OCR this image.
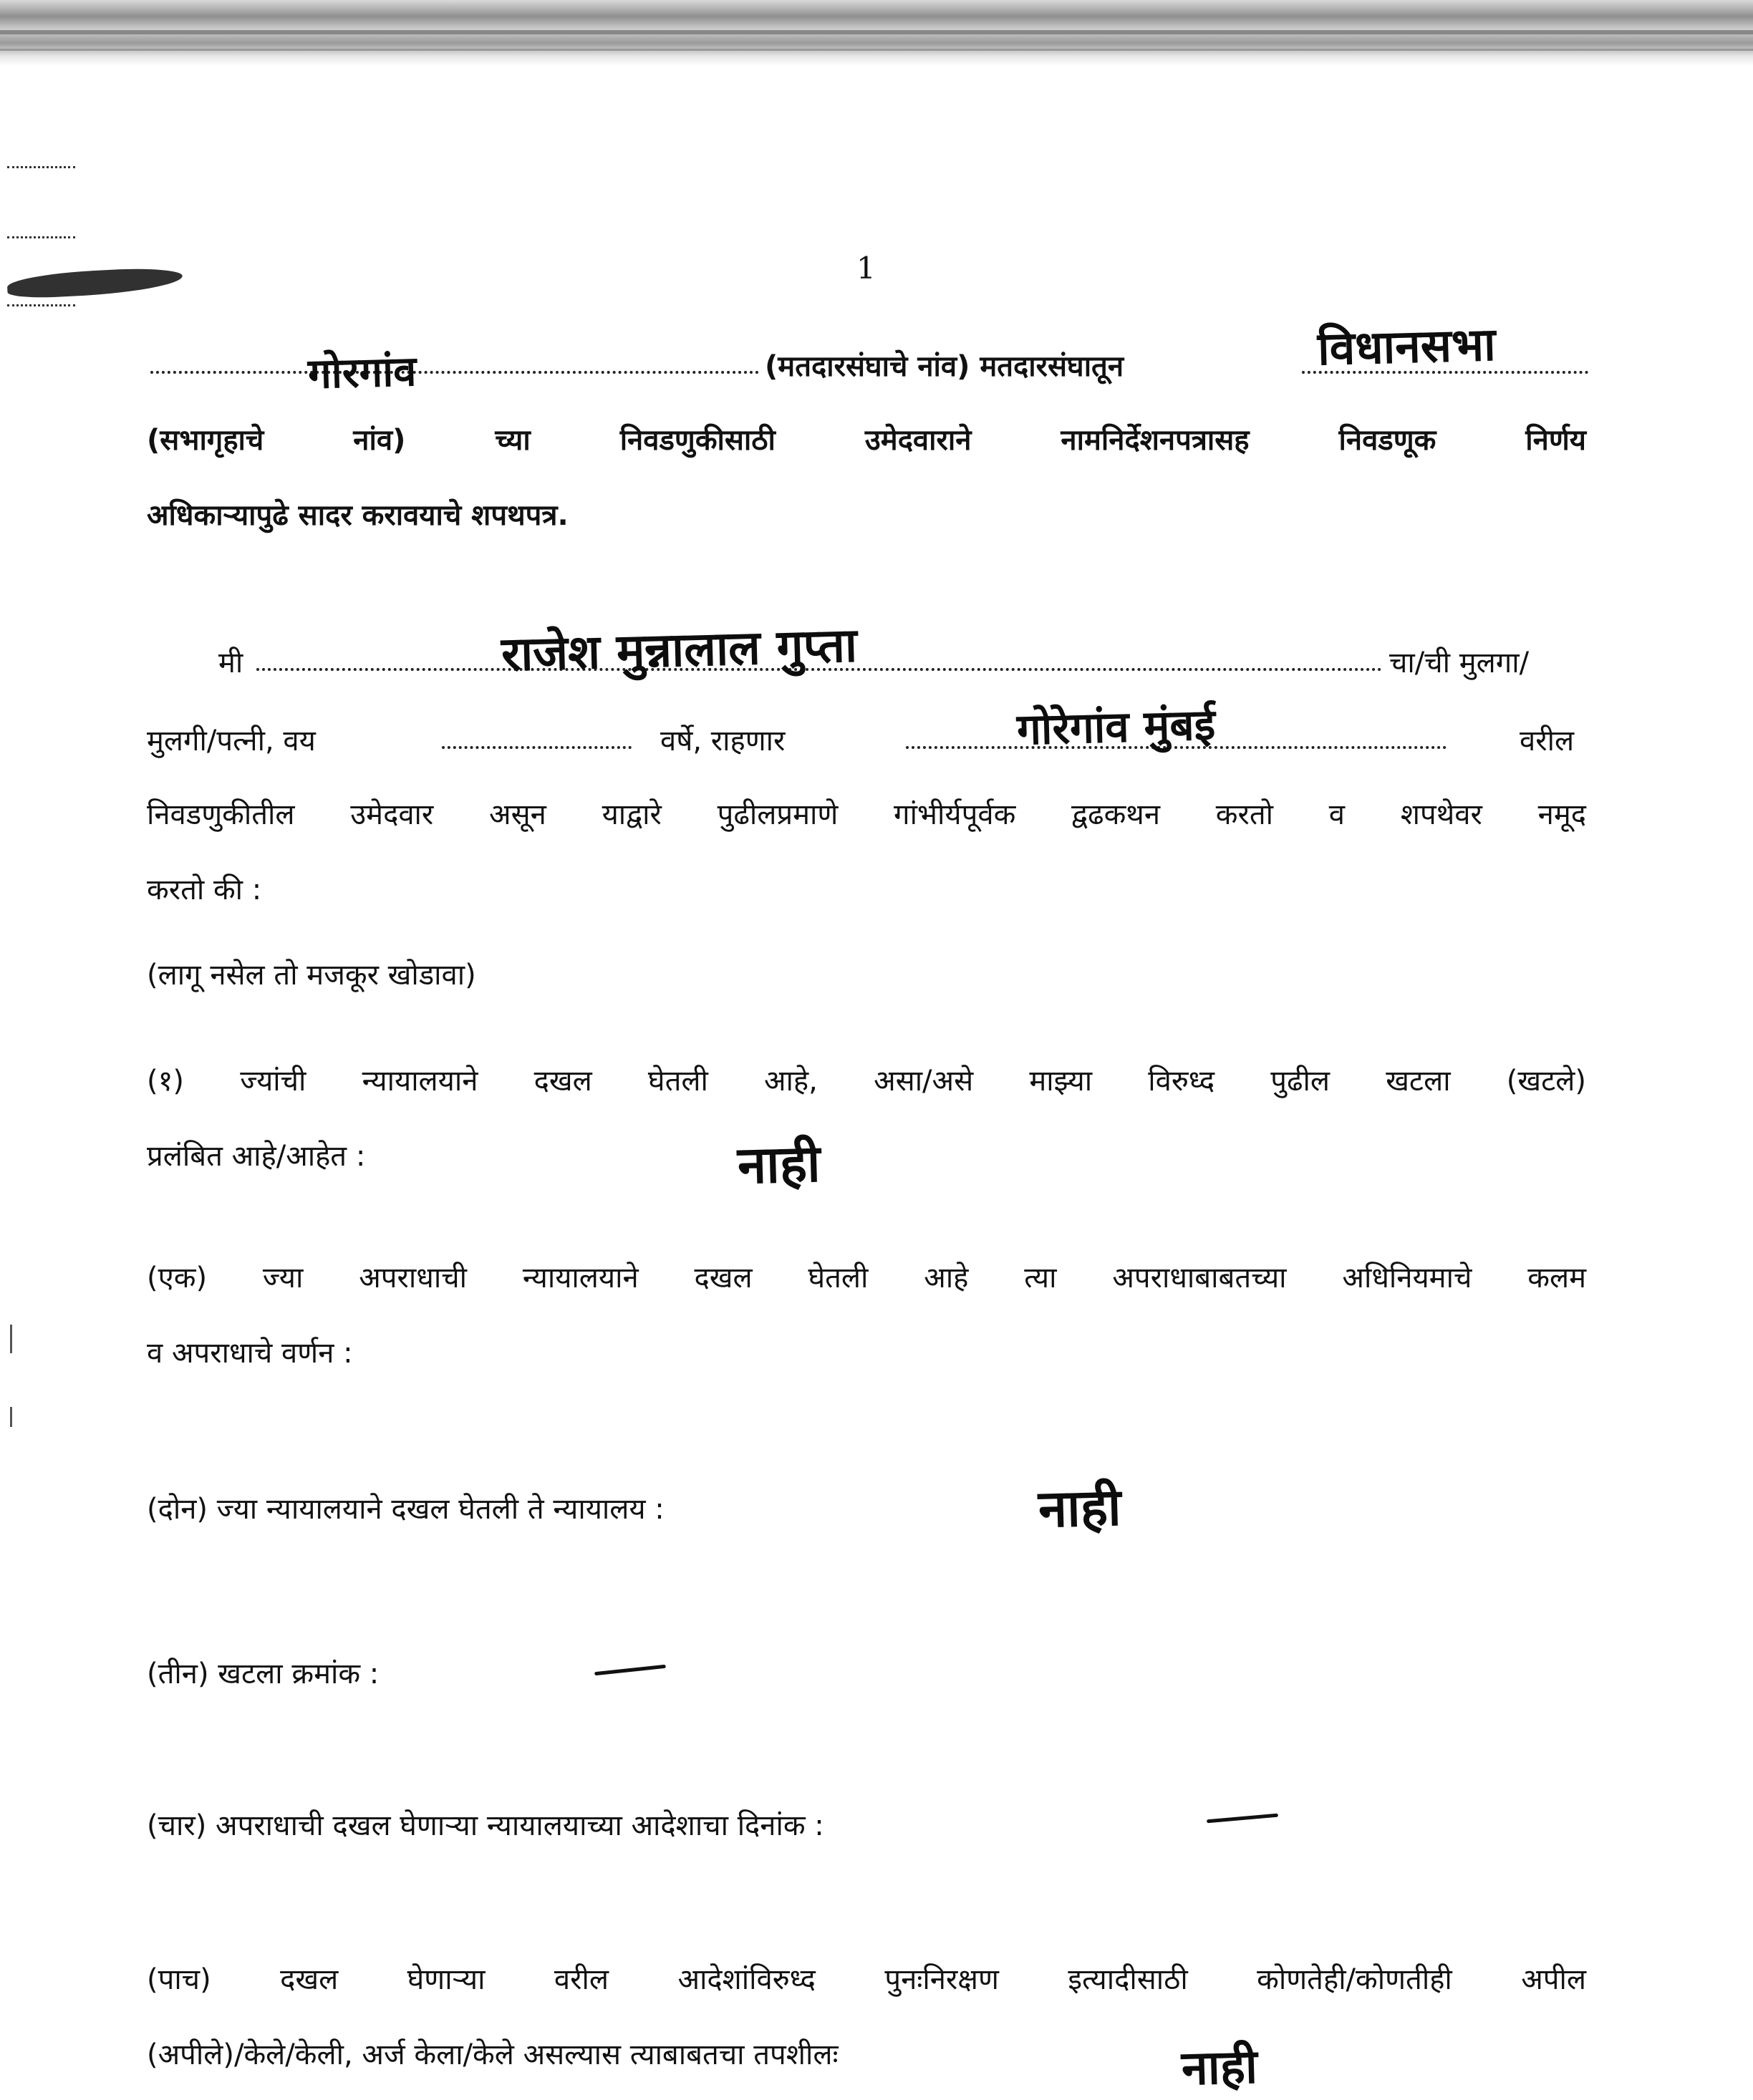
1
गोरगांव	(मतदारसंघाचे नांव) मतदारसंघातून	विधानसभा
(सभागृहाचे नांव) च्या निवडणुकीसाठी उमेदवाराने नामनिर्देशनपत्रासह निवडणूक निर्णय
अधिकाऱ्यापुढे सादर करावयाचे शपथपत्र.
मी	राजेश मुन्नालाल गुप्ता	चा/ची मुलगा/
मुलगी/पत्नी, वय	वर्षे, राहणार	गोरेगांव मुंबई	वरील
निवडणुकीतील उमेदवार असून याद्वारे पुढीलप्रमाणे गांभीर्यपूर्वक द्वढकथन करतो व शपथेवर नमूद
करतो की :
(लागू नसेल तो मजकूर खोडावा)
(१) ज्यांची न्यायालयाने दखल घेतली आहे, असा/असे माझ्या विरुध्द पुढील खटला (खटले)
प्रलंबित आहे/आहेत :	नाही
(एक) ज्या अपराधाची न्यायालयाने दखल घेतली आहे त्या अपराधाबाबतच्या अधिनियमाचे कलम
व अपराधाचे वर्णन :
(दोन) ज्या न्यायालयाने दखल घेतली ते न्यायालय :	नाही
(तीन) खटला क्रमांक :
(चार) अपराधाची दखल घेणाऱ्या न्यायालयाच्या आदेशाचा दिनांक :
(पाच) दखल घेणाऱ्या वरील आदेशांविरुध्द पुनःनिरक्षण इत्यादीसाठी कोणतेही/कोणतीही अपील
(अपीले)/केले/केली, अर्ज केला/केले असल्यास त्याबाबतचा तपशीलः	नाही
